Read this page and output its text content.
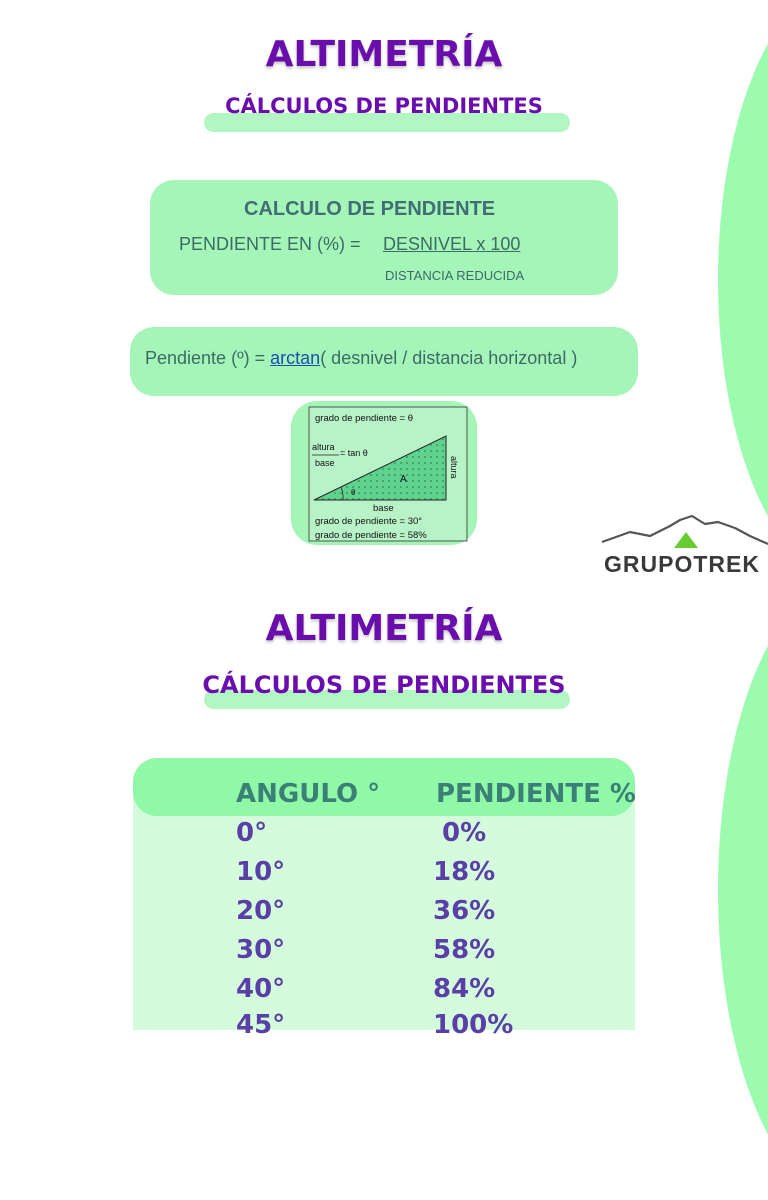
ALTIMETRÍA
CÁLCULOS DE PENDIENTES
CALCULO DE PENDIENTE
PENDIENTE EN (%) = DESNIVEL x 100
DISTANCIA REDUCIDA
Pendiente (º) = arctan( desnivel / distancia horizontal )
grado de pendiente = θ
altura
base
= tan θ
altura
A
θ
base
grado de pendiente = 30°
grado de pendiente = 58%
GRUPOTREK
ALTIMETRÍA
CÁLCULOS DE PENDIENTES
ANGULO ° PENDIENTE %
0°	0%
10°	18%
20°	36%
30°	58%
40°	84%
45°	100%
